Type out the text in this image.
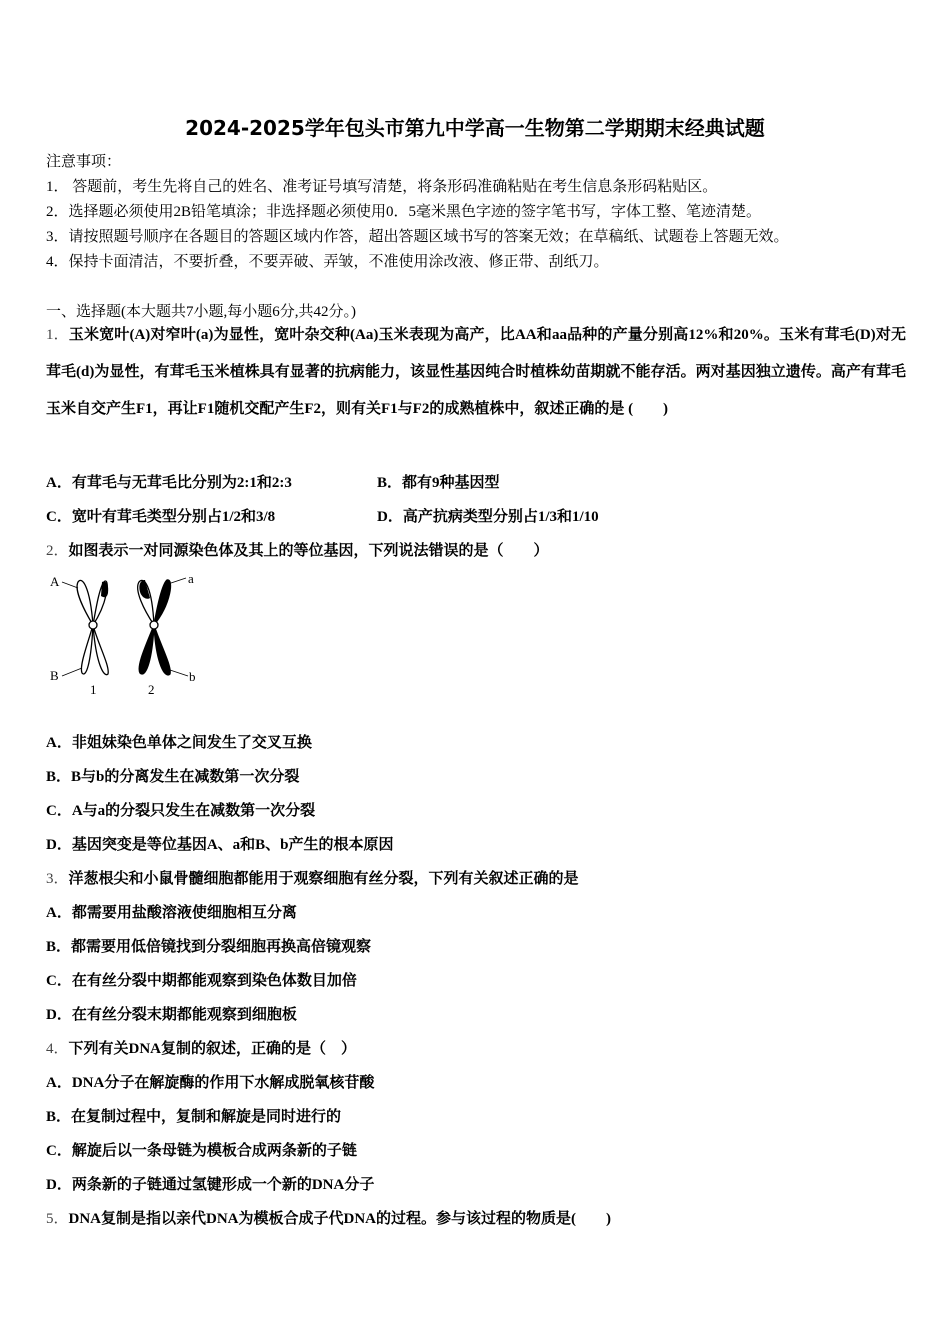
2024-2025学年包头市第九中学高一生物第二学期期末经典试题
注意事项：
1． 答题前，考生先将自己的姓名、准考证号填写清楚，将条形码准确粘贴在考生信息条形码粘贴区。
2．选择题必须使用2B铅笔填涂；非选择题必须使用0．5毫米黑色字迹的签字笔书写，字体工整、笔迹清楚。
3．请按照题号顺序在各题目的答题区域内作答，超出答题区域书写的答案无效；在草稿纸、试题卷上答题无效。
4．保持卡面清洁，不要折叠，不要弄破、弄皱，不准使用涂改液、修正带、刮纸刀。
一、选择题(本大题共7小题,每小题6分,共42分。)
1．玉米宽叶(A)对窄叶(a)为显性，宽叶杂交种(Aa)玉米表现为高产，比AA和aa品种的产量分别高12%和20%。玉米有茸毛(D)对无茸毛(d)为显性，有茸毛玉米植株具有显著的抗病能力，该显性基因纯合时植株幼苗期就不能存活。两对基因独立遗传。高产有茸毛玉米自交产生F1，再让F1随机交配产生F2，则有关F1与F2的成熟植株中，叙述正确的是 (　　)
A．有茸毛与无茸毛比分别为2:1和2:3	B．都有9种基因型
C．宽叶有茸毛类型分别占1/2和3/8	D．高产抗病类型分别占1/3和1/10
2．如图表示一对同源染色体及其上的等位基因，下列说法错误的是（　　）
A
B
a
b
1	2
A．非姐妹染色单体之间发生了交叉互换
B．B与b的分离发生在减数第一次分裂
C．A与a的分裂只发生在减数第一次分裂
D．基因突变是等位基因A、a和B、b产生的根本原因
3．洋葱根尖和小鼠骨髓细胞都能用于观察细胞有丝分裂，下列有关叙述正确的是
A．都需要用盐酸溶液使细胞相互分离
B．都需要用低倍镜找到分裂细胞再换高倍镜观察
C．在有丝分裂中期都能观察到染色体数目加倍
D．在有丝分裂末期都能观察到细胞板
4．下列有关DNA复制的叙述，正确的是（　）
A．DNA分子在解旋酶的作用下水解成脱氧核苷酸
B．在复制过程中，复制和解旋是同时进行的
C．解旋后以一条母链为模板合成两条新的子链
D．两条新的子链通过氢键形成一个新的DNA分子
5．DNA复制是指以亲代DNA为模板合成子代DNA的过程。参与该过程的物质是(　　)
